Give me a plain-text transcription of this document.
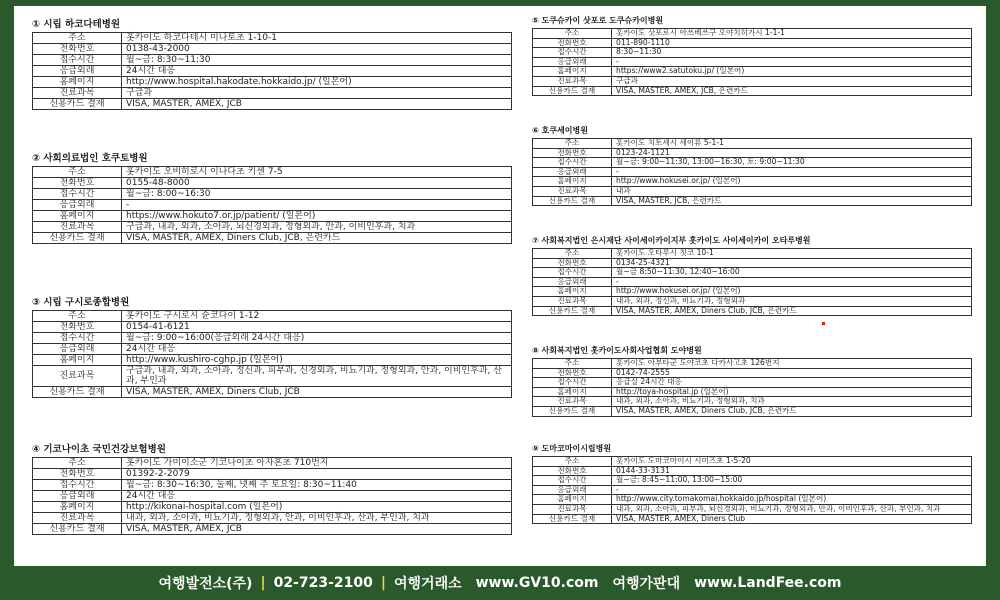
① 시립 하코다테병원
주소	홋카이도 하코다테시 미나토초 1-10-1
전화번호	0138-43-2000
접수시간	월~금: 8:30~11:30
응급외래	24시간 대응
홈페이지	http://www.hospital.hakodate.hokkaido.jp/ (일본어)
진료과목	구급과
신용카드 결재	VISA, MASTER, AMEX, JCB
② 사회의료법인 호쿠토병원
주소	홋카이도 오비히로시 이나다초 키센 7-5
전화번호	0155-48-8000
접수시간	월~금: 8:00~16:30
응급외래	-
홈페이지	https://www.hokuto7.or.jp/patient/ (일본어)
진료과목	구급과, 내과, 외과, 소아과, 뇌신경외과, 정형외과, 안과, 이비인후과, 치과
신용카드 결재	VISA, MASTER, AMEX, Diners Club, JCB, 은련카드
③ 시립 구시로종합병원
주소	홋카이도 구시로시 슌코다이 1-12
전화번호	0154-41-6121
접수시간	월~금: 9:00~16:00(응급외래 24시간 대응)
응급외래	24시간 대응
홈페이지	http://www.kushiro-cghp.jp (일본어)
진료과목	구급과, 내과, 외과, 소아과, 정신과, 피부과, 신경외과, 비뇨기과, 정형외과, 안과, 이비인후과, 산과, 부인과
신용카드 결재	VISA, MASTER, AMEX, Diners Club, JCB
④ 기코나이초 국민건강보험병원
주소	홋카이도 가미이소군 기코나이초 아자혼초 710번지
전화번호	01392-2-2079
접수시간	월~금: 8:30~16:30, 둘째, 넷째 주 토요일: 8:30~11:40
응급외래	24시간 대응
홈페이지	http://kikonai-hospital.com (일본어)
진료과목	내과, 외과, 소아과, 비뇨기과, 정형외과, 안과, 이비인후과, 산과, 부인과, 치과
신용카드 결재	VISA, MASTER, AMEX, JCB
⑤ 도쿠슈카이 삿포로 도쿠슈카이병원
주소	홋카이도 삿포로시 아쓰베쓰구 오야치히가시 1-1-1
전화번호	011-890-1110
접수시간	8:30~11:30
응급외래	-
홈페이지	https://www2.satutoku.jp/ (일본어)
진료과목	구급과
신용카드 결재	VISA, MASTER, AMEX, JCB, 은련카드
⑥ 호쿠세이병원
주소	홋카이도 치토세시 세이류 5-1-1
전화번호	0123-24-1121
접수시간	월~금: 9:00~11:30, 13:00~16:30, 토: 9:00~11:30
응급외래	-
홈페이지	http://www.hokusei.or.jp/ (일본어)
진료과목	내과
신용카드 결재	VISA, MASTER, JCB, 은련카드
⑦ 사회복지법인 은시재단 사이세이카이지부 홋카이도 사이세이카이 오타루병원
주소	홋카이도 오타루시 칫코 10-1
전화번호	0134-25-4321
접수시간	월~금 8:50~11:30, 12:40~16:00
응급외래	-
홈페이지	http://www.hokusei.or.jp/ (일본어)
진료과목	내과, 외과, 정신과, 비뇨기과, 정형외과
신용카드 결재	VISA, MASTER, AMEX, Diners Club, JCB, 은련카드
⑧ 사회복지법인 홋카이도사회사업협회 도야병원
주소	홋카이도 아부타군 도야코초 다카사고초 126번지
전화번호	0142-74-2555
접수시간	응급실 24시간 대응
홈페이지	http://toya-hospital.jp (일본어)
진료과목	내과, 외과, 소아과, 비뇨기과, 정형외과, 치과
신용카드 결재	VISA, MASTER, AMEX, Diners Club, JCB, 은련카드
⑨ 도마코마이시립병원
주소	홋카이도 도마코마이시 시미즈초 1-5-20
전화번호	0144-33-3131
접수시간	월~금: 8:45~11:00, 13:00~15:00
응급외래	-
홈페이지	http://www.city.tomakomai.hokkaido.jp/hospital (일본어)
진료과목	내과, 외과, 소아과, 피부과, 뇌신경외과, 비뇨기과, 정형외과, 안과, 이비인후과, 산과, 부인과, 치과
신용카드 결재	VISA, MASTER, AMEX, Diners Club
여행발전소(주) | 02-723-2100 | 여행거래소 www.GV10.com 여행가판대 www.LandFee.com
